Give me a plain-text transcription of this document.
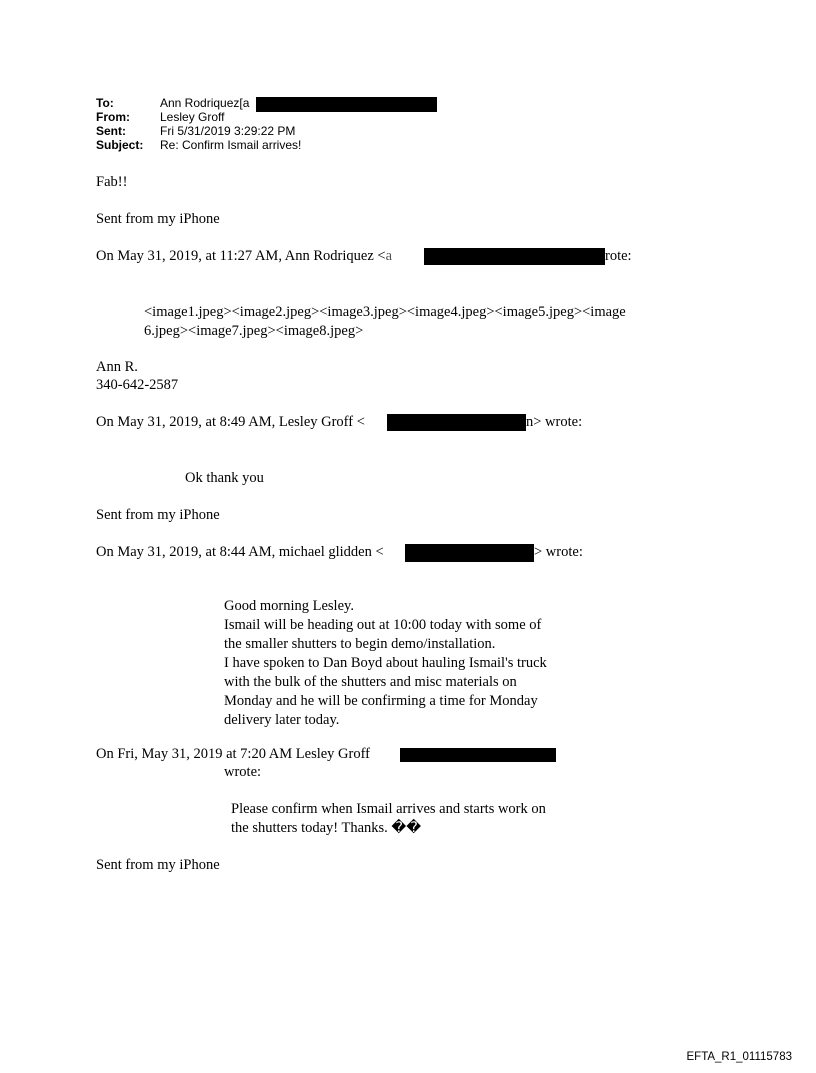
To:	Ann Rodriquez[a
From:	Lesley Groff
Sent:	Fri 5/31/2019 3:29:22 PM
Subject: Re: Confirm Ismail arrives!
Fab!!
Sent from my iPhone
On May 31, 2019, at 11:27 AM, Ann Rodriquez <a	rote:
<image1.jpeg><image2.jpeg><image3.jpeg><image4.jpeg><image5.jpeg><image
6.jpeg><image7.jpeg><image8.jpeg>
Ann R.
340-642-2587
On May 31, 2019, at 8:49 AM, Lesley Groff <	n> wrote:
Ok thank you
Sent from my iPhone
On May 31, 2019, at 8:44 AM, michael glidden <	> wrote:
Good morning Lesley.
Ismail will be heading out at 10:00 today with some of
the smaller shutters to begin demo/installation.
I have spoken to Dan Boyd about hauling Ismail's truck
with the bulk of the shutters and misc materials on
Monday and he will be confirming a time for Monday
delivery later today.
On Fri, May 31, 2019 at 7:20 AM Lesley Groff
wrote:
Please confirm when Ismail arrives and starts work on
the shutters today! Thanks. ��
Sent from my iPhone
EFTA_R1_01115783
